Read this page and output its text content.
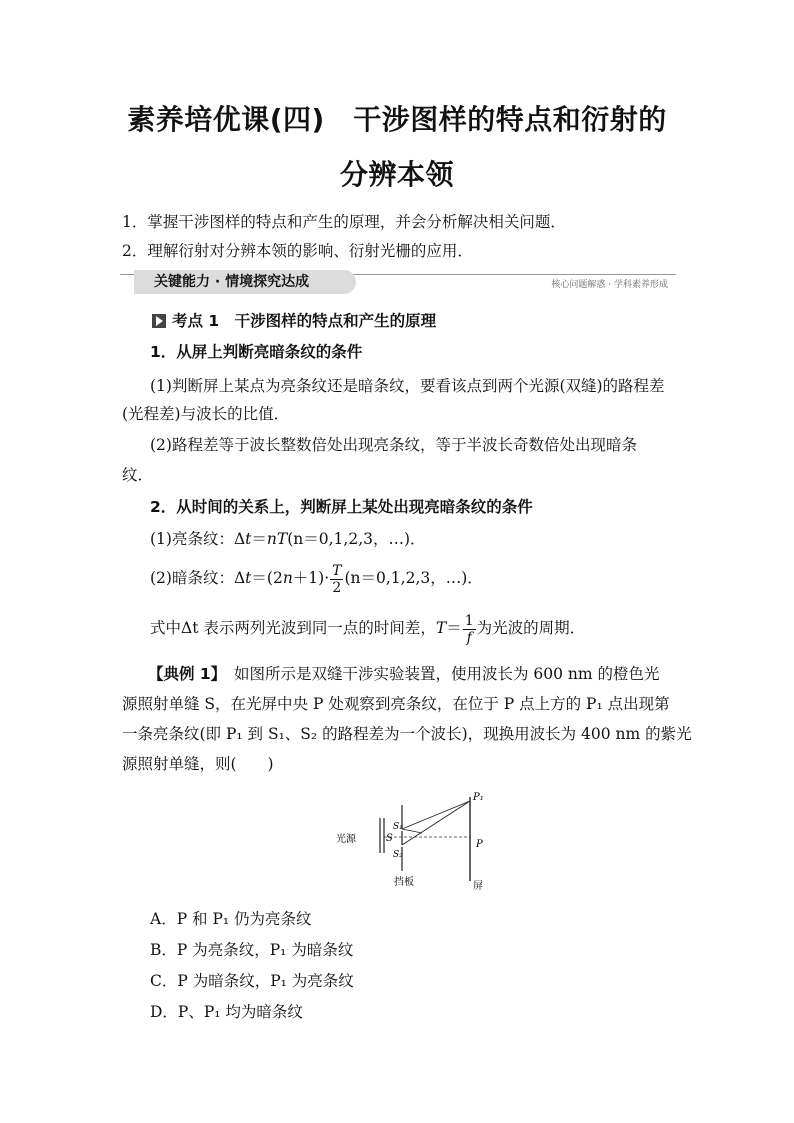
素养培优课(四)　干涉图样的特点和衍射的
分辨本领
1．掌握干涉图样的特点和产生的原理，并会分析解决相关问题．
2．理解衍射对分辨本领的影响、衍射光栅的应用．
关键能力 · 情境探究达成	核心问题解惑 · 学科素养形成
考点 1　干涉图样的特点和产生的原理
1．从屏上判断亮暗条纹的条件
(1)判断屏上某点为亮条纹还是暗条纹，要看该点到两个光源(双缝)的路程差
(光程差)与波长的比值．
(2)路程差等于波长整数倍处出现亮条纹，等于半波长奇数倍处出现暗条
纹．
2．从时间的关系上，判断屏上某处出现亮暗条纹的条件
(1)亮条纹：Δt＝nT(n＝0,1,2,3，…)．
(2)暗条纹：$\Delta t=(2n+1)\cdot \frac{T}{2} (n=0,1,2,3$，…)．
式中Δt 表示两列光波到同一点的时间差，$T= \frac{1}{f}$ 为光波的周期．
【典例 1】　 如图所示是双缝干涉实验装置，使用波长为 600 nm 的橙色光
源照射单缝 S，在光屏中央 P 处观察到亮条纹，在位于 P 点上方的 P₁ 点出现第
一条亮条纹(即 P₁ 到 S₁、S₂ 的路程差为一个波长)，现换用波长为 400 nm 的紫光
源照射单缝，则(　　)
光源	S
S₁
S₂
P₁
P
挡板	屏
A．P 和 P₁ 仍为亮条纹
B．P 为亮条纹，P₁ 为暗条纹
C．P 为暗条纹，P₁ 为亮条纹
D．P、P₁ 均为暗条纹
